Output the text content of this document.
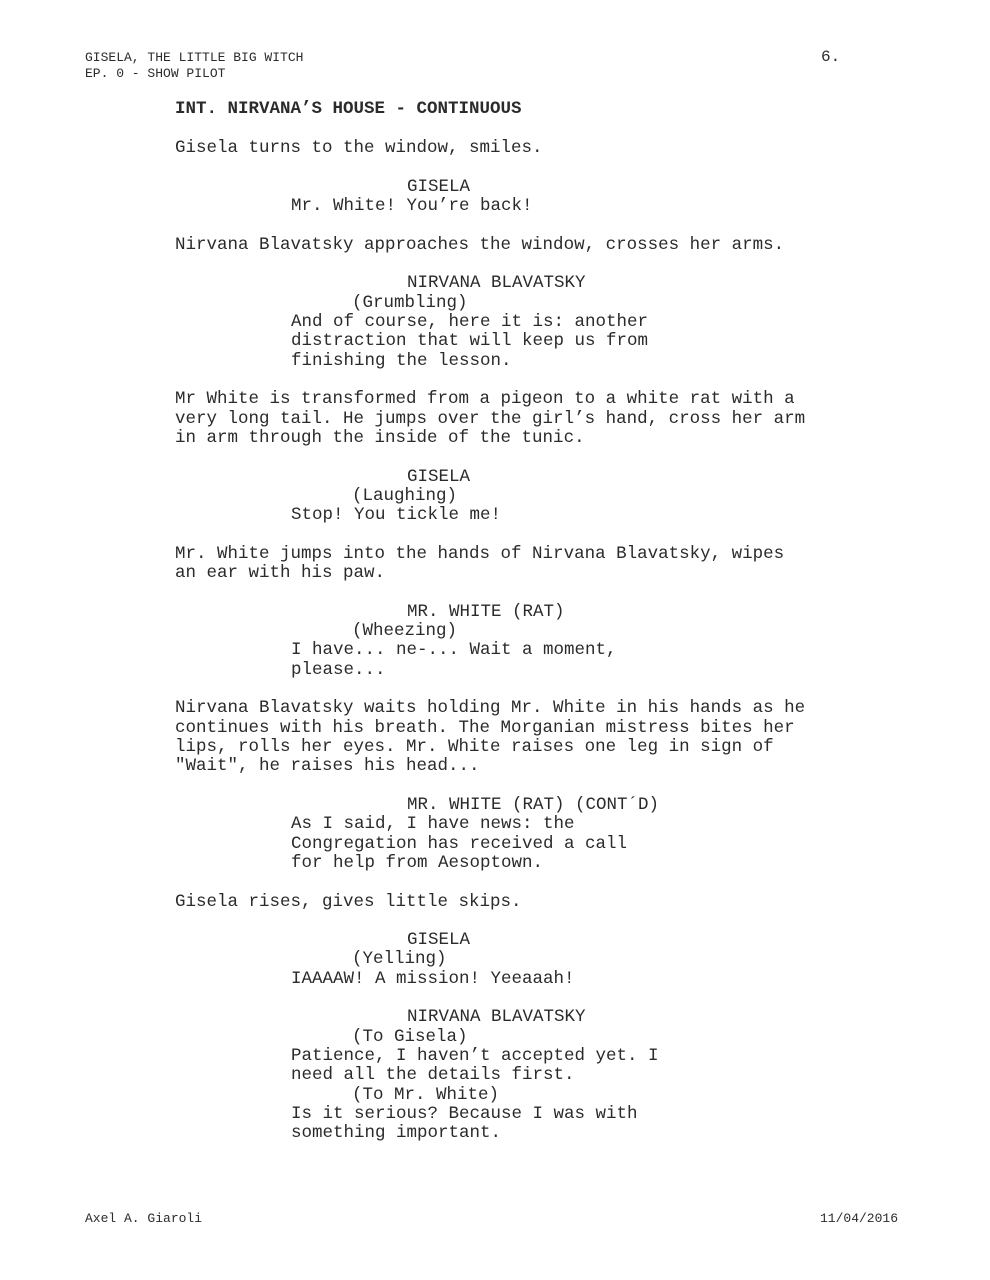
GISELA, THE LITTLE BIG WITCH
EP. 0 - SHOW PILOT
6.
INT. NIRVANA’S HOUSE - CONTINUOUS
Gisela turns to the window, smiles.
GISELA
Mr. White! You’re back!
Nirvana Blavatsky approaches the window, crosses her arms.
NIRVANA BLAVATSKY
(Grumbling)
And of course, here it is: another
distraction that will keep us from
finishing the lesson.
Mr White is transformed from a pigeon to a white rat with a
very long tail. He jumps over the girl’s hand, cross her arm
in arm through the inside of the tunic.
GISELA
(Laughing)
Stop! You tickle me!
Mr. White jumps into the hands of Nirvana Blavatsky, wipes
an ear with his paw.
MR. WHITE (RAT)
(Wheezing)
I have... ne-... Wait a moment,
please...
Nirvana Blavatsky waits holding Mr. White in his hands as he
continues with his breath. The Morganian mistress bites her
lips, rolls her eyes. Mr. White raises one leg in sign of
"Wait", he raises his head...
MR. WHITE (RAT) (CONT´D)
As I said, I have news: the
Congregation has received a call
for help from Aesoptown.
Gisela rises, gives little skips.
GISELA
(Yelling)
IAAAAW! A mission! Yeeaaah!
NIRVANA BLAVATSKY
(To Gisela)
Patience, I haven’t accepted yet. I
need all the details first.
(To Mr. White)
Is it serious? Because I was with
something important.
Axel A. Giaroli	11/04/2016
